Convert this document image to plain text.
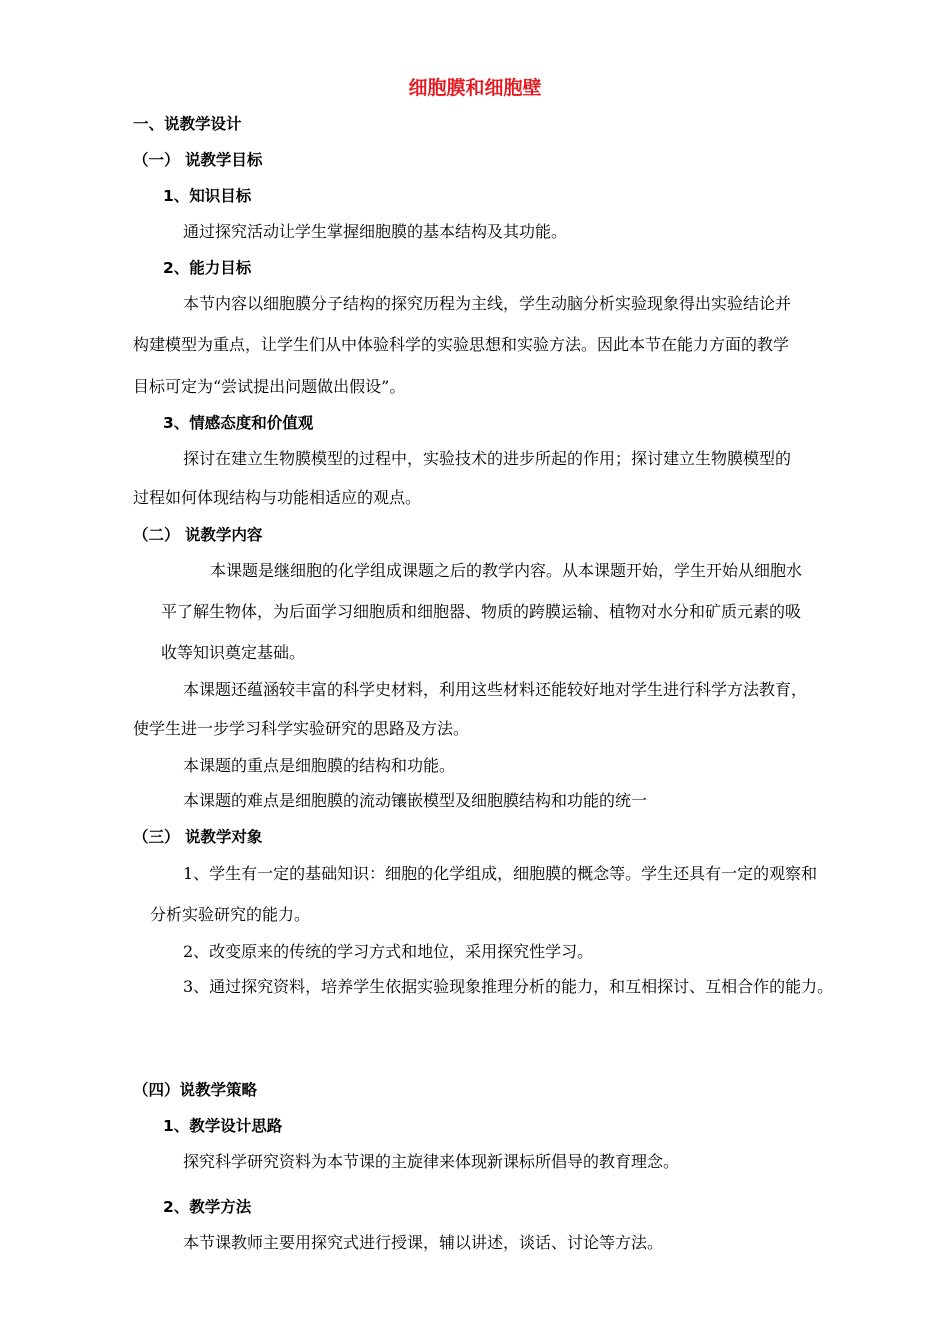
细胞膜和细胞壁
一、说教学设计
（一） 说教学目标
1、知识目标
通过探究活动让学生掌握细胞膜的基本结构及其功能。
2、能力目标
本节内容以细胞膜分子结构的探究历程为主线，学生动脑分析实验现象得出实验结论并
构建模型为重点，让学生们从中体验科学的实验思想和实验方法。因此本节在能力方面的教学
目标可定为“尝试提出问题做出假设”。
3、情感态度和价值观
探讨在建立生物膜模型的过程中，实验技术的进步所起的作用；探讨建立生物膜模型的
过程如何体现结构与功能相适应的观点。
（二） 说教学内容
本课题是继细胞的化学组成课题之后的教学内容。从本课题开始，学生开始从细胞水
平了解生物体，为后面学习细胞质和细胞器、物质的跨膜运输、植物对水分和矿质元素的吸
收等知识奠定基础。
本课题还蕴涵较丰富的科学史材料，利用这些材料还能较好地对学生进行科学方法教育，
使学生进一步学习科学实验研究的思路及方法。
本课题的重点是细胞膜的结构和功能。
本课题的难点是细胞膜的流动镶嵌模型及细胞膜结构和功能的统一
（三） 说教学对象
1、学生有一定的基础知识：细胞的化学组成，细胞膜的概念等。学生还具有一定的观察和
分析实验研究的能力。
2、改变原来的传统的学习方式和地位，采用探究性学习。
3、通过探究资料，培养学生依据实验现象推理分析的能力，和互相探讨、互相合作的能力。
（四）说教学策略
1、教学设计思路
探究科学研究资料为本节课的主旋律来体现新课标所倡导的教育理念。
2、教学方法
本节课教师主要用探究式进行授课，辅以讲述，谈话、讨论等方法。
